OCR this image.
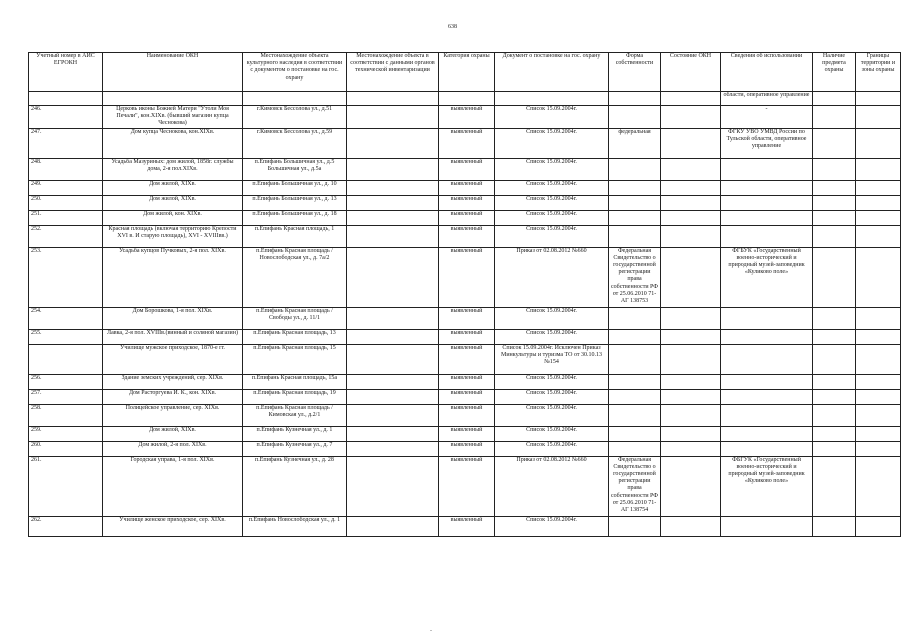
638
Учетный номер в АИС ЕГРОКН	Наименование ОКН	Местонахождение объекта культурного наследия в соответствии с документом о постановке на гос. охрану	Местонахождение объекта в соответствии с данными органов технической инвентаризации	Категория охраны	Документ о постановке на гос. охрану	Форма собственности	Состояние ОКН	Сведения об использовании	Наличие предмета охраны	Границы территории и зоны охраны
								области, оперативное управление		
246.	Церковь иконы Божией Матери "Утоли Моя Печали", кон.XIXв. (бывший магазин купца Чеснокова)	г.Кимовск Бессолова ул., д.51		выявленный	Список 15.09.2004г.			-		
247.	Дом купца Чеснокова, кон.XIXв.	г.Кимовск Бессолова ул., д.59		выявленный	Список 15.09.2004г.	федеральная		ФГКУ УВО УМВД России по Тульской области, оперативное управление		
248.	Усадьба Мазуриных: дом жилой, 1858г. службы дома, 2-я пол.XIXв.	п.Епифань Большичная ул., д.5 Большичная ул., д.5а		выявленный	Список 15.09.2004г.					
249.	Дом жилой, XIXв.	п.Епифань Большичная ул., д. 10		выявленный	Список 15.09.2004г.					
250.	Дом жилой, XIXв.	п.Епифань Большичная ул., д. 13		выявленный	Список 15.09.2004г.					
251.	Дом жилой, кон. XIXв.	п.Епифань Большичная ул., д. 18		выявленный	Список 15.09.2004г.					
252.	Красная площадь (включая территорию Крепости XVI в. И старую площадь), XVI - XVIIIвв.)	п.Епифань Красная площадь, 1		выявленный	Список 15.09.2004г.					
253.	Усадьба купцов Пучковых, 2-я пол. XIXв.	п.Епифань Красная площадь / Новослободская ул., д. 7а/2		выявленный	Приказ от 02.08.2012 №660	Федеральная Свидетельство о государственной регистрации права собственности РФ от 25.06.2010 71-АГ 138753		ФГБУК «Государственный военно-исторический и природный музей-заповедник «Куликово поле»		
254.	Дом Борошкова, 1-я пол. XIXв.	п.Епифань Красная площадь / Свободы ул., д. 11/1		выявленный	Список 15.09.2004г.					
255.	Лавка, 2-я пол. XVIIIв.(винный и соляной магазин)	п.Епифань Красная площадь, 13		выявленный	Список 15.09.2004г.					
	Училище мужское приходское, 1870-е гг.	п.Епифань Красная площадь, 15		выявленный	Список 15.09.2004г. Исключен Приказ Минкультуры и туризма ТО от 30.10.13 №154					
256.	Здание земских учреждений, сер. XIXв.	п.Епифань Красная площадь, 15а		выявленный	Список 15.09.2004г.					
257.	Дом Расторгуева И. К., кон. XIXв.	п.Епифань Красная площадь, 19		выявленный	Список 15.09.2004г.					
258.	Полицейское управление, сер. XIXв.	п.Епифань Красная площадь / Кимовская ул., д.2/1		выявленный	Список 15.09.2004г.					
259.	Дом жилой, XIXв.	п.Епифань Кузнечная ул., д. 1		выявленный	Список 15.09.2004г.					
260.	Дом жилой, 2-я пол. XIXв.	п.Епифань Кузнечная ул., д. 7		выявленный	Список 15.09.2004г.					
261.	Городская управа, 1-я пол. XIXв.	п.Епифань Кузнечная ул., д. 28		выявленный	Приказ от 02.08.2012 №660	Федеральная Свидетельство о государственной регистрации права собственности РФ от 25.06.2010 71-АГ 138754		ФБГУК «Государственный военно-исторический и природный музей-заповедник «Куликово поле»		
262.	Училище женское приходское, сер. XIXв.	п.Епифань Новослободская ул., д. 1		выявленный	Список 15.09.2004г.					
-
